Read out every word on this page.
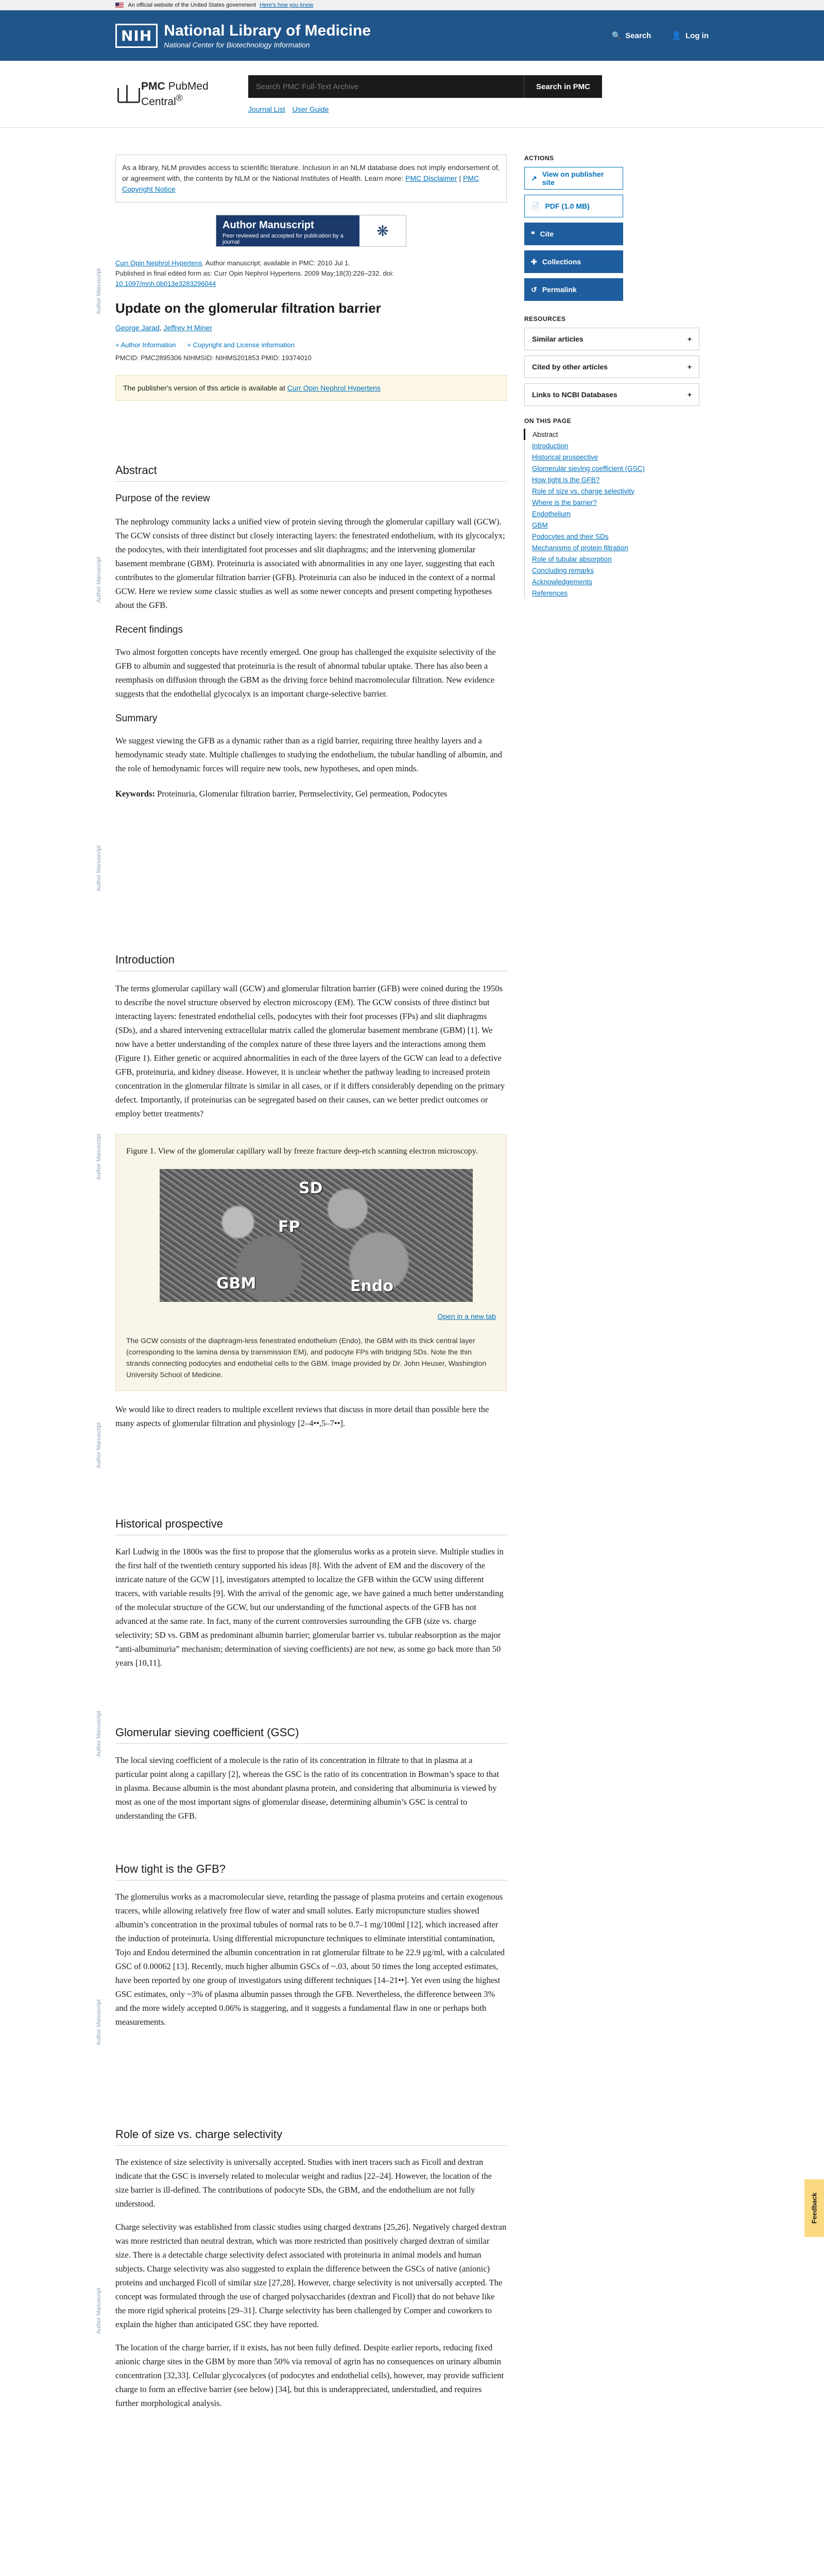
An official website of the United States government Here's how you know
NIH National Library of Medicine
National Center for Biotechnology Information
🔍 Search	👤 Log in
PMC PubMed Central®
Search PMC Full-Text Archive
Search in PMC
Journal List User Guide
As a library, NLM provides access to scientific literature. Inclusion in an NLM database does not imply endorsement of, or agreement with, the contents by NLM or the National Institutes of Health. Learn more: PMC Disclaimer | PMC Copyright Notice
Author Manuscript
Peer reviewed and accepted for publication by a journal
❋
Curr Opin Nephrol Hypertens. Author manuscript; available in PMC: 2010 Jul 1.
Published in final edited form as: Curr Opin Nephrol Hypertens. 2009 May;18(3):226–232. doi:
10.1097/mnh.0b013e3283296044
Update on the glomerular filtration barrier
George Jarad, Jeffrey H Miner
+ Author Information + Copyright and License information
PMCID: PMC2895306 NIHMSID: NIHMS201853 PMID: 19374010
The publisher's version of this article is available at Curr Opin Nephrol Hypertens
Abstract
Purpose of the review

The nephrology community lacks a unified view of protein sieving through the glomerular capillary wall (GCW). The GCW consists of three distinct but closely interacting layers: the fenestrated endothelium, with its glycocalyx; the podocytes, with their interdigitated foot processes and slit diaphragms; and the intervening glomerular basement membrane (GBM). Proteinuria is associated with abnormalities in any one layer, suggesting that each contributes to the glomerular filtration barrier (GFB). Proteinuria can also be induced in the context of a normal GCW. Here we review some classic studies as well as some newer concepts and present competing hypotheses about the GFB.

Recent findings

Two almost forgotten concepts have recently emerged. One group has challenged the exquisite selectivity of the GFB to albumin and suggested that proteinuria is the result of abnormal tubular uptake. There has also been a reemphasis on diffusion through the GBM as the driving force behind macromolecular filtration. New evidence suggests that the endothelial glycocalyx is an important charge-selective barrier.

Summary

We suggest viewing the GFB as a dynamic rather than as a rigid barrier, requiring three healthy layers and a hemodynamic steady state. Multiple challenges to studying the endothelium, the tubular handling of albumin, and the role of hemodynamic forces will require new tools, new hypotheses, and open minds.

Keywords: Proteinuria, Glomerular filtration barrier, Permselectivity, Gel permeation, Podocytes
Introduction

The terms glomerular capillary wall (GCW) and glomerular filtration barrier (GFB) were coined during the 1950s to describe the novel structure observed by electron microscopy (EM). The GCW consists of three distinct but interacting layers: fenestrated endothelial cells, podocytes with their foot processes (FPs) and slit diaphragms (SDs), and a shared intervening extracellular matrix called the glomerular basement membrane (GBM) [1]. We now have a better understanding of the complex nature of these three layers and the interactions among them (Figure 1). Either genetic or acquired abnormalities in each of the three layers of the GCW can lead to a defective GFB, proteinuria, and kidney disease. However, it is unclear whether the pathway leading to increased protein concentration in the glomerular filtrate is similar in all cases, or if it differs considerably depending on the primary defect. Importantly, if proteinurias can be segregated based on their causes, can we better predict outcomes or employ better treatments?

Figure 1. View of the glomerular capillary wall by freeze fracture deep-etch scanning electron microscopy.
SD
FP
GBM	Endo
Open in a new tab
The GCW consists of the diaphragm-less fenestrated endothelium (Endo), the GBM with its thick central layer (corresponding to the lamina densa by transmission EM), and podocyte FPs with bridging SDs. Note the thin strands connecting podocytes and endothelial cells to the GBM. Image provided by Dr. John Heuser, Washington University School of Medicine.

We would like to direct readers to multiple excellent reviews that discuss in more detail than possible here the many aspects of glomerular filtration and physiology [2–4••,5–7••].

Historical prospective

Karl Ludwig in the 1800s was the first to propose that the glomerulus works as a protein sieve. Multiple studies in the first half of the twentieth century supported his ideas [8]. With the advent of EM and the discovery of the intricate nature of the GCW [1], investigators attempted to localize the GFB within the GCW using different tracers, with variable results [9]. With the arrival of the genomic age, we have gained a much better understanding of the molecular structure of the GCW, but our understanding of the functional aspects of the GFB has not advanced at the same rate. In fact, many of the current controversies surrounding the GFB (size vs. charge selectivity; SD vs. GBM as predominant albumin barrier; glomerular barrier vs. tubular reabsorption as the major “anti-albuminuria” mechanism; determination of sieving coefficients) are not new, as some go back more than 50 years [10,11].

Glomerular sieving coefficient (GSC)

The local sieving coefficient of a molecule is the ratio of its concentration in filtrate to that in plasma at a particular point along a capillary [2], whereas the GSC is the ratio of its concentration in Bowman’s space to that in plasma. Because albumin is the most abundant plasma protein, and considering that albuminuria is viewed by most as one of the most important signs of glomerular disease, determining albumin’s GSC is central to understanding the GFB.

How tight is the GFB?

The glomerulus works as a macromolecular sieve, retarding the passage of plasma proteins and certain exogenous tracers, while allowing relatively free flow of water and small solutes. Early micropuncture studies showed albumin’s concentration in the proximal tubules of normal rats to be 0.7–1 mg/100ml [12], which increased after the induction of proteinuria. Using differential micropuncture techniques to eliminate interstitial contamination, Tojo and Endou determined the albumin concentration in rat glomerular filtrate to be 22.9 μg/ml, with a calculated GSC of 0.00062 [13]. Recently, much higher albumin GSCs of ~.03, about 50 times the long accepted estimates, have been reported by one group of investigators using different techniques [14–21••]. Yet even using the highest GSC estimates, only ~3% of plasma albumin passes through the GFB. Nevertheless, the difference between 3% and the more widely accepted 0.06% is staggering, and it suggests a fundamental flaw in one or perhaps both measurements.

Role of size vs. charge selectivity

The existence of size selectivity is universally accepted. Studies with inert tracers such as Ficoll and dextran indicate that the GSC is inversely related to molecular weight and radius [22–24]. However, the location of the size barrier is ill-defined. The contributions of podocyte SDs, the GBM, and the endothelium are not fully understood.

Charge selectivity was established from classic studies using charged dextrans [25,26]. Negatively charged dextran was more restricted than neutral dextran, which was more restricted than positively charged dextran of similar size. There is a detectable charge selectivity defect associated with proteinuria in animal models and human subjects. Charge selectivity was also suggested to explain the difference between the GSCs of native (anionic) proteins and uncharged Ficoll of similar size [27,28]. However, charge selectivity is not universally accepted. The concept was formulated through the use of charged polysaccharides (dextran and Ficoll) that do not behave like the more rigid spherical proteins [29–31]. Charge selectivity has been challenged by Comper and coworkers to explain the higher than anticipated GSC they have reported.

The location of the charge barrier, if it exists, has not been fully defined. Despite earlier reports, reducing fixed anionic charge sites in the GBM by more than 50% via removal of agrin has no consequences on urinary albumin concentration [32,33]. Cellular glycocalyces (of podocytes and endothelial cells), however, may provide sufficient charge to form an effective barrier (see below) [34], but this is underappreciated, understudied, and requires further morphological analysis.

Author Manuscript
Author Manuscript
Author Manuscript
Author Manuscript
Author Manuscript
Author Manuscript
Author Manuscript
Author Manuscript
ACTIONS
↗ View on publisher site
📄 PDF (1.0 MB)
❝ Cite
✚ Collections
↺ Permalink
RESOURCES
Similar articles	+
Cited by other articles	+
Links to NCBI Databases	+
ON THIS PAGE
Abstract
Introduction
Historical prospective
Glomerular sieving coefficient (GSC)
How tight is the GFB?
Role of size vs. charge selectivity
Where is the barrier?
Endothelium
GBM
Podocytes and their SDs
Mechanisms of protein filtration
Role of tubular absorption
Concluding remarks
Acknowledgements
References
Feedback
